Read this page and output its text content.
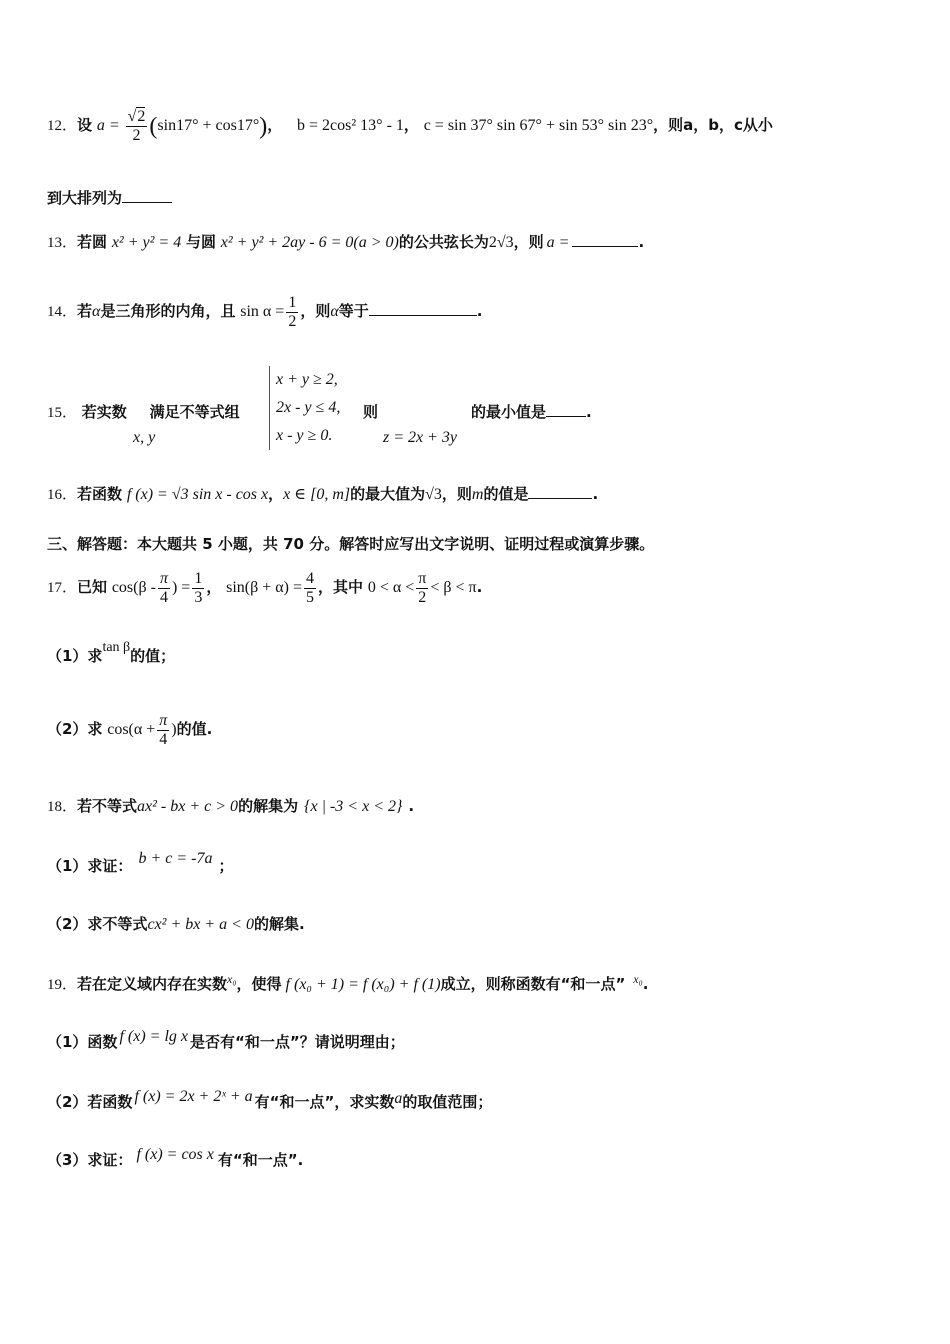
12．设 $a = \frac{√2}{2} (\sin 17^\circ + \cos 17^\circ)$， b = 2cos² 13° - 1， c = sin 37° sin 67° + sin 53° sin 23°，则a，b，c从小
到大排列为
13．若圆 x² + y² = 4 与圆 x² + y² + 2ay - 6 = 0(a > 0)的公共弦长为2√3，则 a =	.
14．若α是三角形的内角，且 $\sin \alpha = \frac{1}{2}$ ，则α等于	.
15． 若实数
x, y
满足不等式组
x + y ≥ 2,
2x - y ≤ 4,
x - y ≥ 0.
则
z = 2x + 3y
的最小值是	.
16．若函数 f (x) = √3 sin x - cos x，x ∈ [0, m]的最大值为√3，则m的值是	.
三、解答题：本大题共 5 小题，共 70 分。解答时应写出文字说明、证明过程或演算步骤。
17．已知 $\cos(\beta - \frac{\pi}{4}$ ) = $\frac{1}{3}$ ， $\sin(\beta + \alpha) = \frac{4}{5}$ ，其中 $0 < \alpha < \frac{\pi}{2} < \beta < \pi$.
（1）求tan β的值；
（2）求 $\cos(\alpha + \frac{\pi}{4}$ )的值.
18．若不等式ax² - bx + c > 0的解集为 {x | -3 < x < 2} .
（1）求证： b + c = -7a ；
（2）求不等式cx² + bx + a < 0的解集.
19．若在定义域内存在实数$^{x_0}$，使得 f (x₀ + 1) = f (x₀) + f (1)成立，则称函数有“和一点” $^{x_0}$.
（1）函数 f (x) = lg x 是否有“和一点”？请说明理由；
（2）若函数 f (x) = 2x + 2ˣ + a 有“和一点”，求实数a的取值范围；
（3）求证： f (x) = cos x 有“和一点”.
